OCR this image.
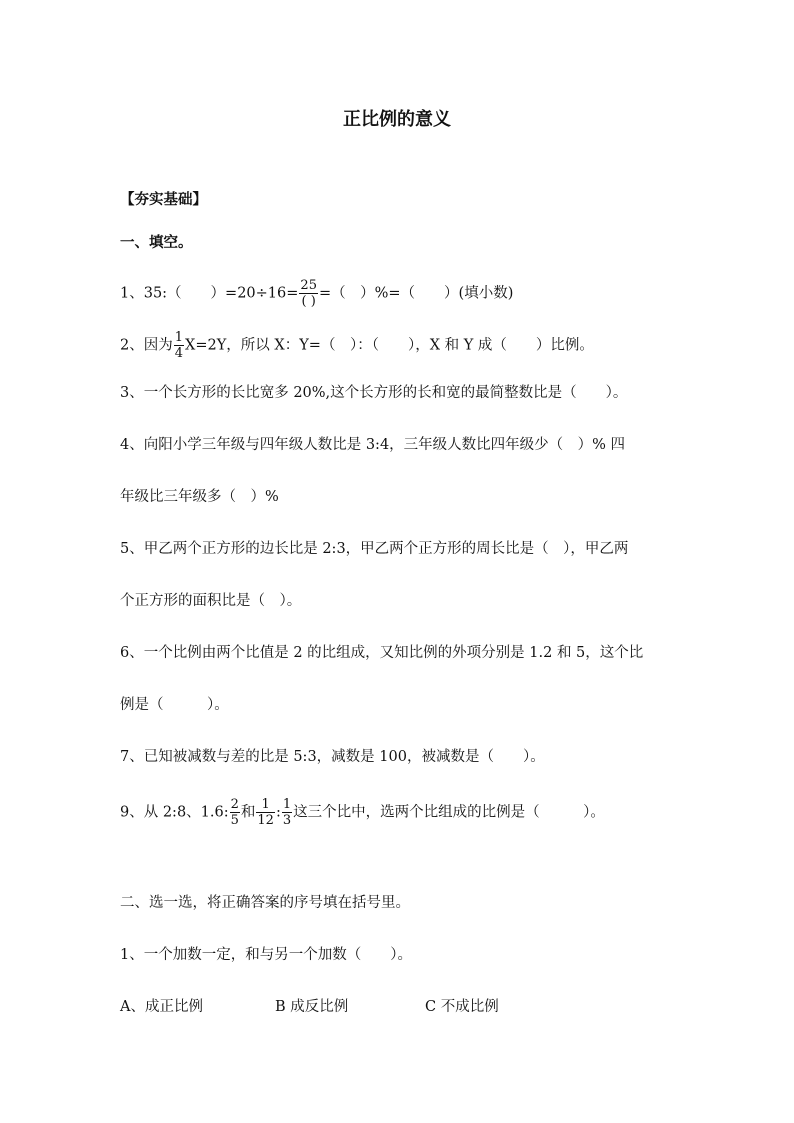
正比例的意义
【夯实基础】
一、填空。
1、35:（　　）$=20\div 16= \frac{25}{( )}$ =（　）%=（　　）(填小数)
2、因为 $\frac{1}{4} X=2Y$，所以 X：Y=（　）：（　　），X 和 Y 成（　　）比例。
3、一个长方形的长比宽多 20%,这个长方形的长和宽的最简整数比是（　　）。
4、向阳小学三年级与四年级人数比是 3:4，三年级人数比四年级少（　）% 四
年级比三年级多（　）%
5、甲乙两个正方形的边长比是 2:3，甲乙两个正方形的周长比是（　），甲乙两
个正方形的面积比是（　）。
6、一个比例由两个比值是 2 的比组成，又知比例的外项分别是 1.2 和 5，这个比
例是（　　　）。
7、已知被减数与差的比是 5:3，减数是 100，被减数是（　　）。
9、从 2:8、1.6: $\frac{2}{5}$ 和 $\frac{1}{12}$ : $\frac{1}{3}$ 这三个比中，选两个比组成的比例是（　　　）。
二、选一选，将正确答案的序号填在括号里。
1、一个加数一定，和与另一个加数（　　）。
A、成正比例	B 成反比例	C 不成比例
